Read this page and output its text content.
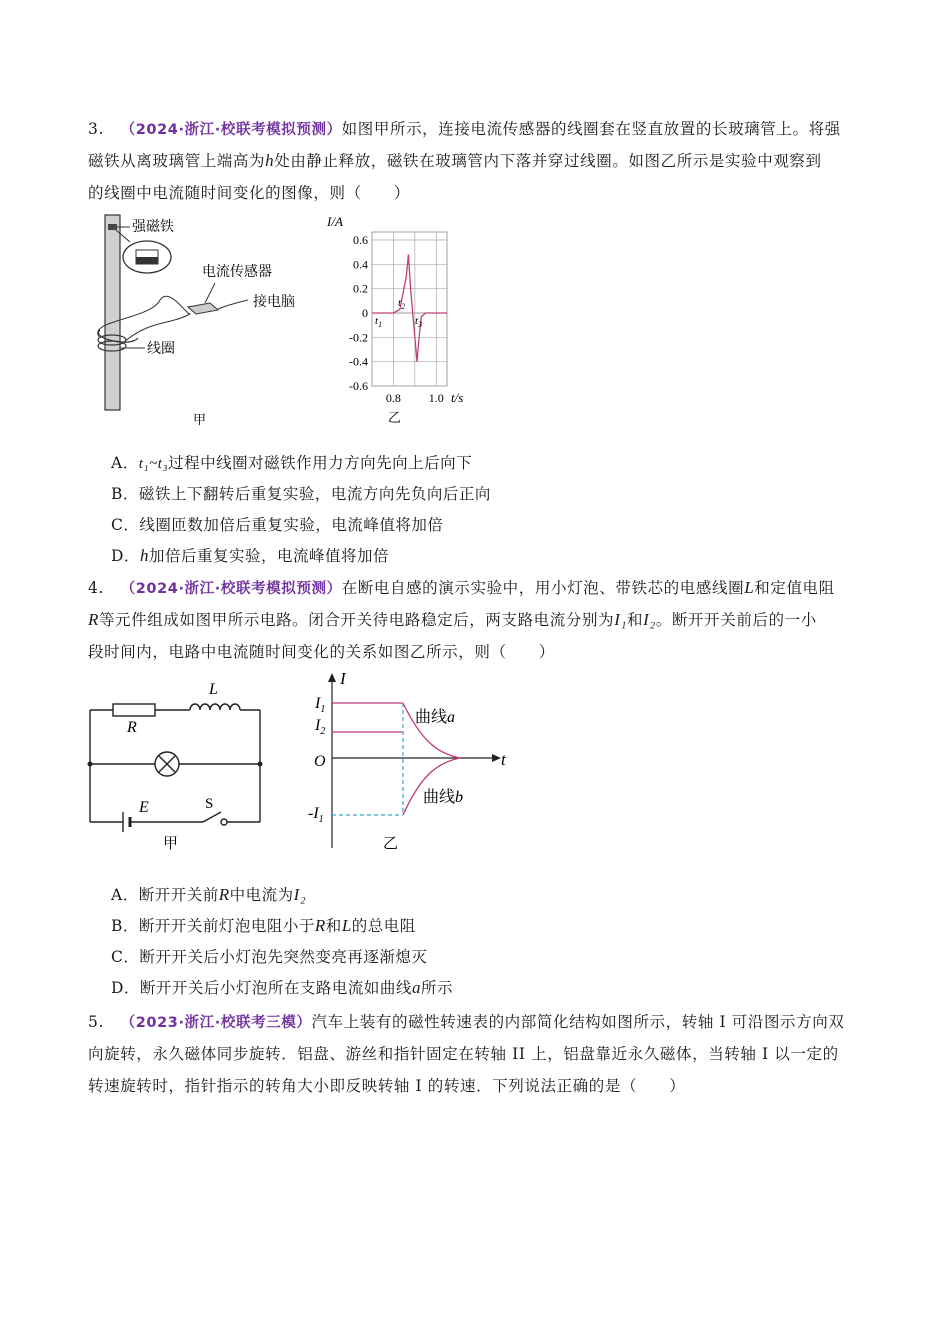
3. （2024·浙江·校联考模拟预测）如图甲所示，连接电流传感器的线圈套在竖直放置的长玻璃管上。将强
磁铁从离玻璃管上端高为h处由静止释放，磁铁在玻璃管内下落并穿过线圈。如图乙所示是实验中观察到
的线圈中电流随时间变化的图像，则（　　）
强磁铁
线圈
电流传感器
接电脑
甲
0.6
0.4
0.2
0
-0.2
-0.4
-0.6
0.8 1.0
I/A
t/s
$t_1$
$t_2$
$t_3$
乙
A．t₁~t₃过程中线圈对磁铁作用力方向先向上后向下
B．磁铁上下翻转后重复实验，电流方向先负向后正向
C．线圈匝数加倍后重复实验，电流峰值将加倍
D．h加倍后重复实验，电流峰值将加倍
4. （2024·浙江·校联考模拟预测）在断电自感的演示实验中，用小灯泡、带铁芯的电感线圈L和定值电阻
R等元件组成如图甲所示电路。闭合开关待电路稳定后，两支路电流分别为I₁和I₂。断开开关前后的一小
段时间内，电路中电流随时间变化的关系如图乙所示，则（　　）
R
L
E	S
甲
I
t
O
$I_1$
$I_2$
$-I_1$
曲线a
曲线b
乙
A．断开开关前R中电流为I₂
B．断开开关前灯泡电阻小于R和L的总电阻
C．断开开关后小灯泡先突然变亮再逐渐熄灭
D．断开开关后小灯泡所在支路电流如曲线a所示
5. （2023·浙江·校联考三模）汽车上装有的磁性转速表的内部简化结构如图所示，转轴 I 可沿图示方向双
向旋转，永久磁体同步旋转．铝盘、游丝和指针固定在转轴 II 上，铝盘靠近永久磁体，当转轴 I 以一定的
转速旋转时，指针指示的转角大小即反映转轴 I 的转速．下列说法正确的是（　　）
